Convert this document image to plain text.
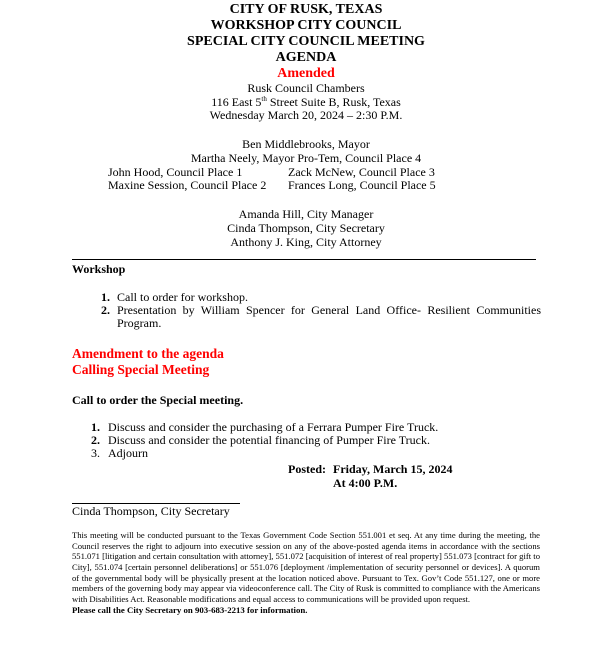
CITY OF RUSK, TEXAS
WORKSHOP CITY COUNCIL
SPECIAL CITY COUNCIL MEETING
AGENDA
Amended
Rusk Council Chambers
116 East 5th Street Suite B, Rusk, Texas
Wednesday March 20, 2024 – 2:30 P.M.
Ben Middlebrooks, Mayor
Martha Neely, Mayor Pro-Tem, Council Place 4
John Hood, Council Place 1	Zack McNew, Council Place 3
Maxine Session, Council Place 2 Frances Long, Council Place 5
Amanda Hill, City Manager
Cinda Thompson, City Secretary
Anthony J. King, City Attorney
Workshop
1. Call to order for workshop.
2. Presentation by William Spencer for General Land Office- Resilient Communities Program.
Amendment to the agenda
Calling Special Meeting
Call to order the Special meeting.
1. Discuss and consider the purchasing of a Ferrara Pumper Fire Truck.
2. Discuss and consider the potential financing of Pumper Fire Truck.
3. Adjourn
Posted: Friday, March 15, 2024
At 4:00 P.M.
Cinda Thompson, City Secretary
This meeting will be conducted pursuant to the Texas Government Code Section 551.001 et seq. At any time during the meeting, the Council reserves the right to adjourn into executive session on any of the above-posted agenda items in accordance with the sections 551.071 [litigation and certain consultation with attorney], 551.072 [acquisition of interest of real property] 551.073 [contract for gift to City], 551.074 [certain personnel deliberations] or 551.076 [deployment /implementation of security personnel or devices]. A quorum of the governmental body will be physically present at the location noticed above. Pursuant to Tex. Gov’t Code 551.127, one or more members of the governing body may appear via videoconference call. The City of Rusk is committed to compliance with the Americans with Disabilities Act. Reasonable modifications and equal access to communications will be provided upon request.
Please call the City Secretary on 903-683-2213 for information.
